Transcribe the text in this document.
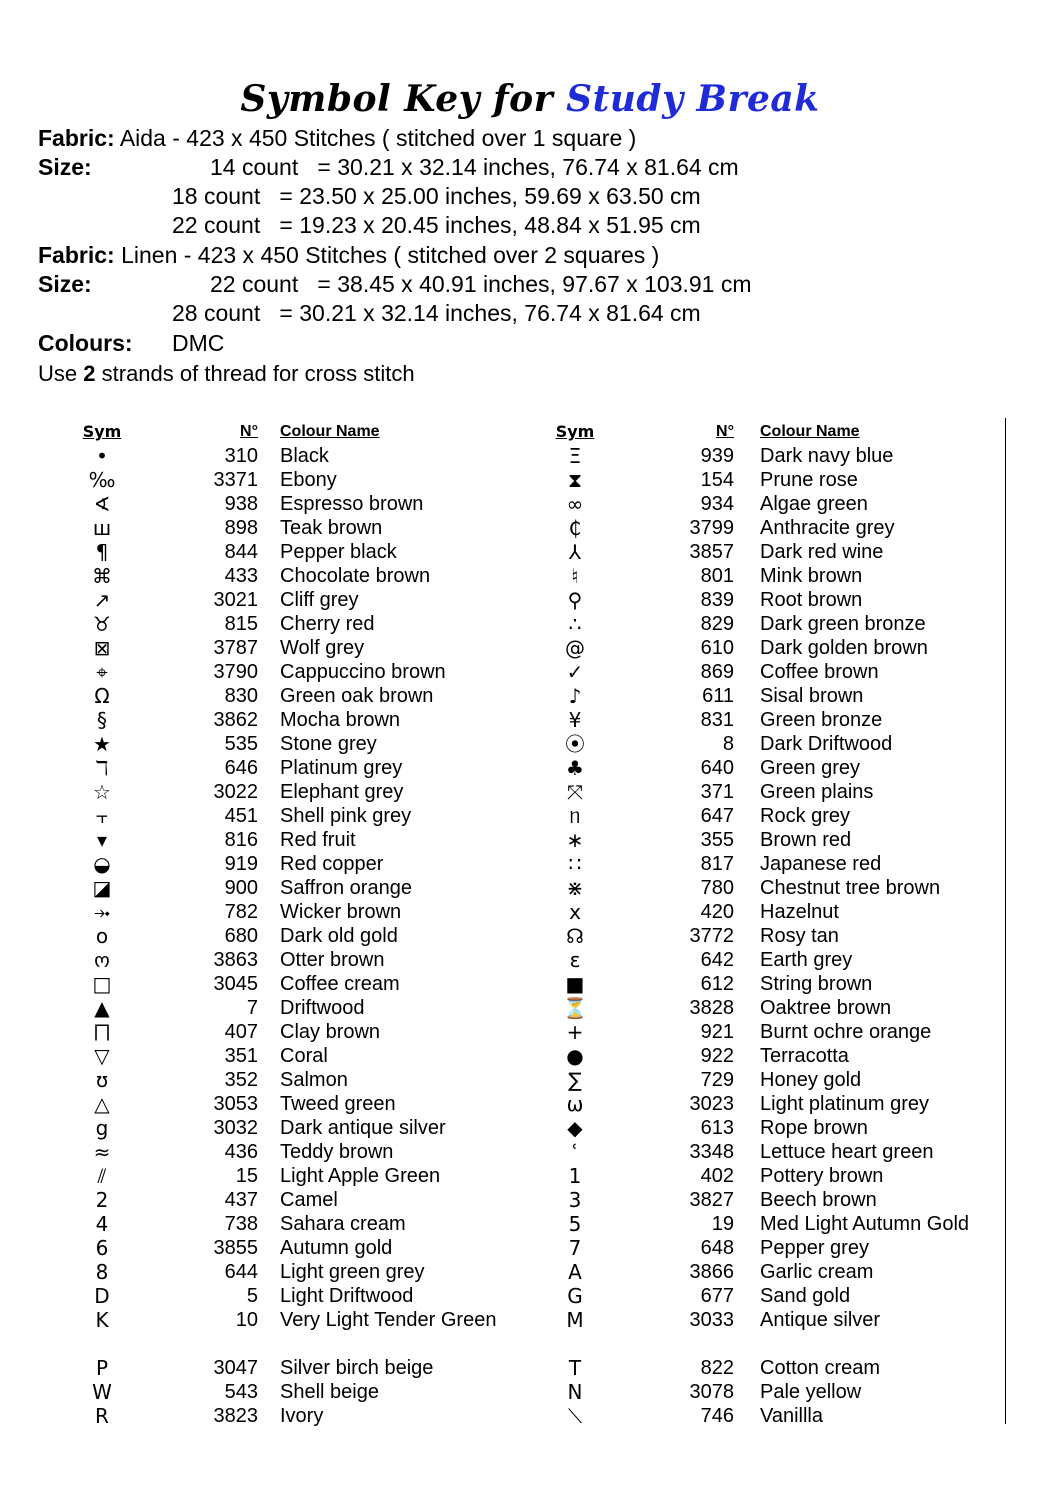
Symbol Key for Study Break
Fabric: Aida - 423 x 450 Stitches ( stitched over 1 square )
Size:	14 count   = 30.21 x 32.14 inches, 76.74 x 81.64 cm
18 count   = 23.50 x 25.00 inches, 59.69 x 63.50 cm
22 count   = 19.23 x 20.45 inches, 48.84 x 51.95 cm
Fabric: Linen - 423 x 450 Stitches ( stitched over 2 squares )
Size:	22 count   = 38.45 x 40.91 inches, 97.67 x 103.91 cm
28 count   = 30.21 x 32.14 inches, 76.74 x 81.64 cm
Colours: DMC
Use 2 strands of thread for cross stitch
Sym	N° Colour Name
•	310 Black
‰	3371 Ebony
∢	938 Espresso brown
ш	898 Teak brown
¶	844 Pepper black
⌘	433 Chocolate brown
↗	3021 Cliff grey
♉	815 Cherry red
⊠	3787 Wolf grey
⌖	3790 Cappuccino brown
Ω	830 Green oak brown
§	3862 Mocha brown
★	535 Stone grey
ℸ	646 Platinum grey
☆	3022 Elephant grey
⫟	451 Shell pink grey
▾	816 Red fruit
◒	919 Red copper
◪	900 Saffron orange
⤞	782 Wicker brown
o	680 Dark old gold
ო	3863 Otter brown
□	3045 Coffee cream
▲	7 Driftwood
⨅	407 Clay brown
▽	351 Coral
ʊ	352 Salmon
△	3053 Tweed green
g	3032 Dark antique silver
≈	436 Teddy brown
⫽	15 Light Apple Green
2	437 Camel
4	738 Sahara cream
6	3855 Autumn gold
8	644 Light green grey
D	5 Light Driftwood
K	10 Very Light Tender Green
P	3047 Silver birch beige
W	543 Shell beige
R	3823 Ivory
Sym	N° Colour Name
Ξ	939 Dark navy blue
⧗	154 Prune rose
∞	934 Algae green
₵	3799 Anthracite grey
⅄	3857 Dark red wine
♮	801 Mink brown
⚲	839 Root brown
∴	829 Dark green bronze
@	610 Dark golden brown
✓	869 Coffee brown
♪	611 Sisal brown
¥	831 Green bronze
⦿	8 Dark Driftwood
♣	640 Green grey
⤧	371 Green plains
ᥒ	647 Rock grey
∗	355 Brown red
∷	817 Japanese red
⋇	780 Chestnut tree brown
x	420 Hazelnut
☊	3772 Rosy tan
ɛ	642 Earth grey
■	612 String brown
⏳	3828 Oaktree brown
+	921 Burnt ochre orange
●	922 Terracotta
∑	729 Honey gold
ω	3023 Light platinum grey
◆	613 Rope brown
ʿ	3348 Lettuce heart green
1	402 Pottery brown
3	3827 Beech brown
5	19 Med Light Autumn Gold
7	648 Pepper grey
A	3866 Garlic cream
G	677 Sand gold
M	3033 Antique silver
T	822 Cotton cream
N	3078 Pale yellow
⟍	746 Vanillla
